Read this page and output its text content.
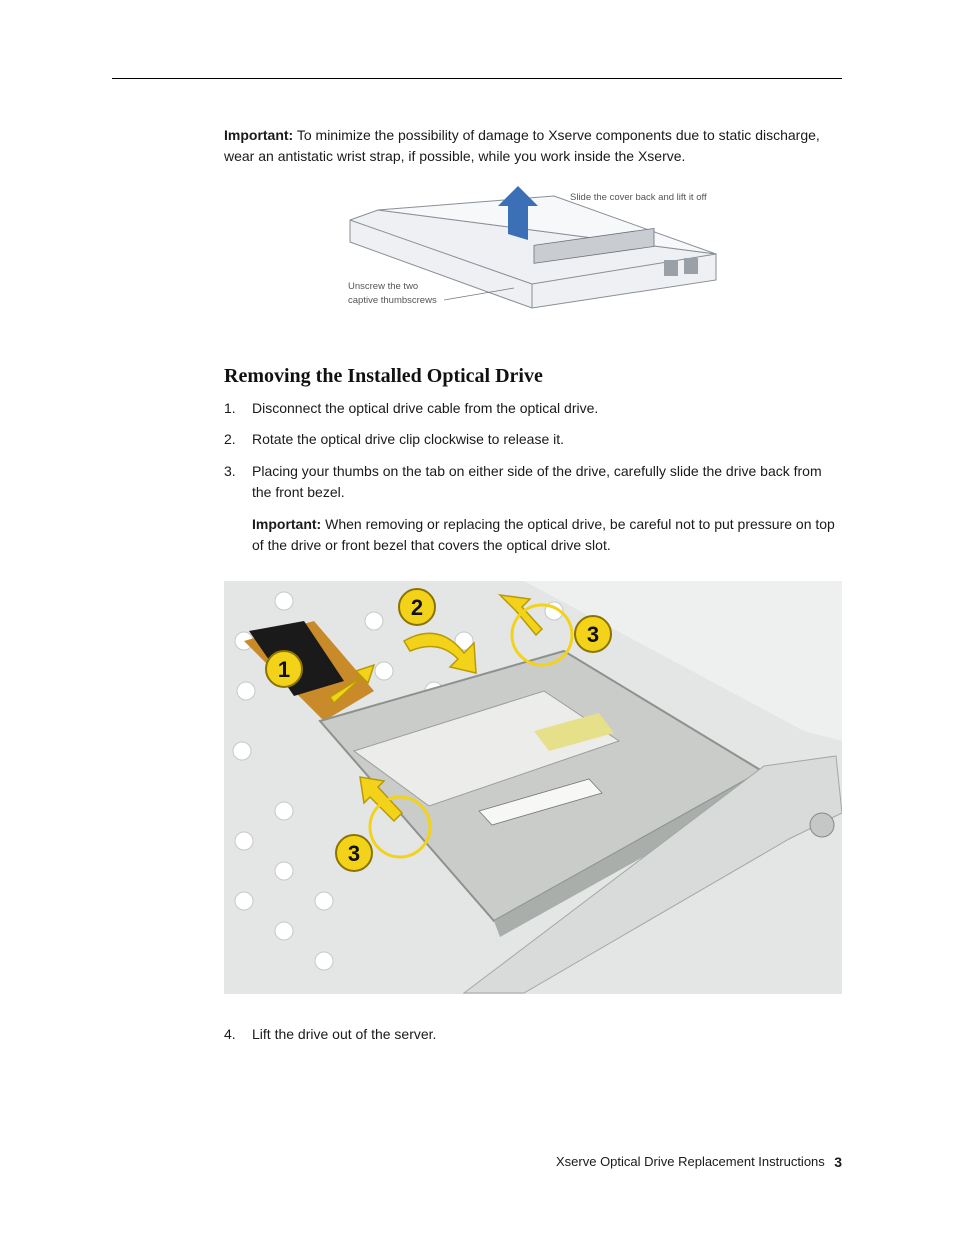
Important: To minimize the possibility of damage to Xserve components due to static discharge, wear an antistatic wrist strap, if possible, while you work inside the Xserve.
Slide the cover back and lift it off
Unscrew the two
captive thumbscrews
Removing the Installed Optical Drive
1. Disconnect the optical drive cable from the optical drive.
2. Rotate the optical drive clip clockwise to release it.
3. Placing your thumbs on the tab on either side of the drive, carefully slide the drive back from the front bezel.
Important: When removing or replacing the optical drive, be careful not to put pressure on top of the drive or front bezel that covers the optical drive slot.
1
2
3
3
4. Lift the drive out of the server.
Xserve Optical Drive Replacement Instructions 3
